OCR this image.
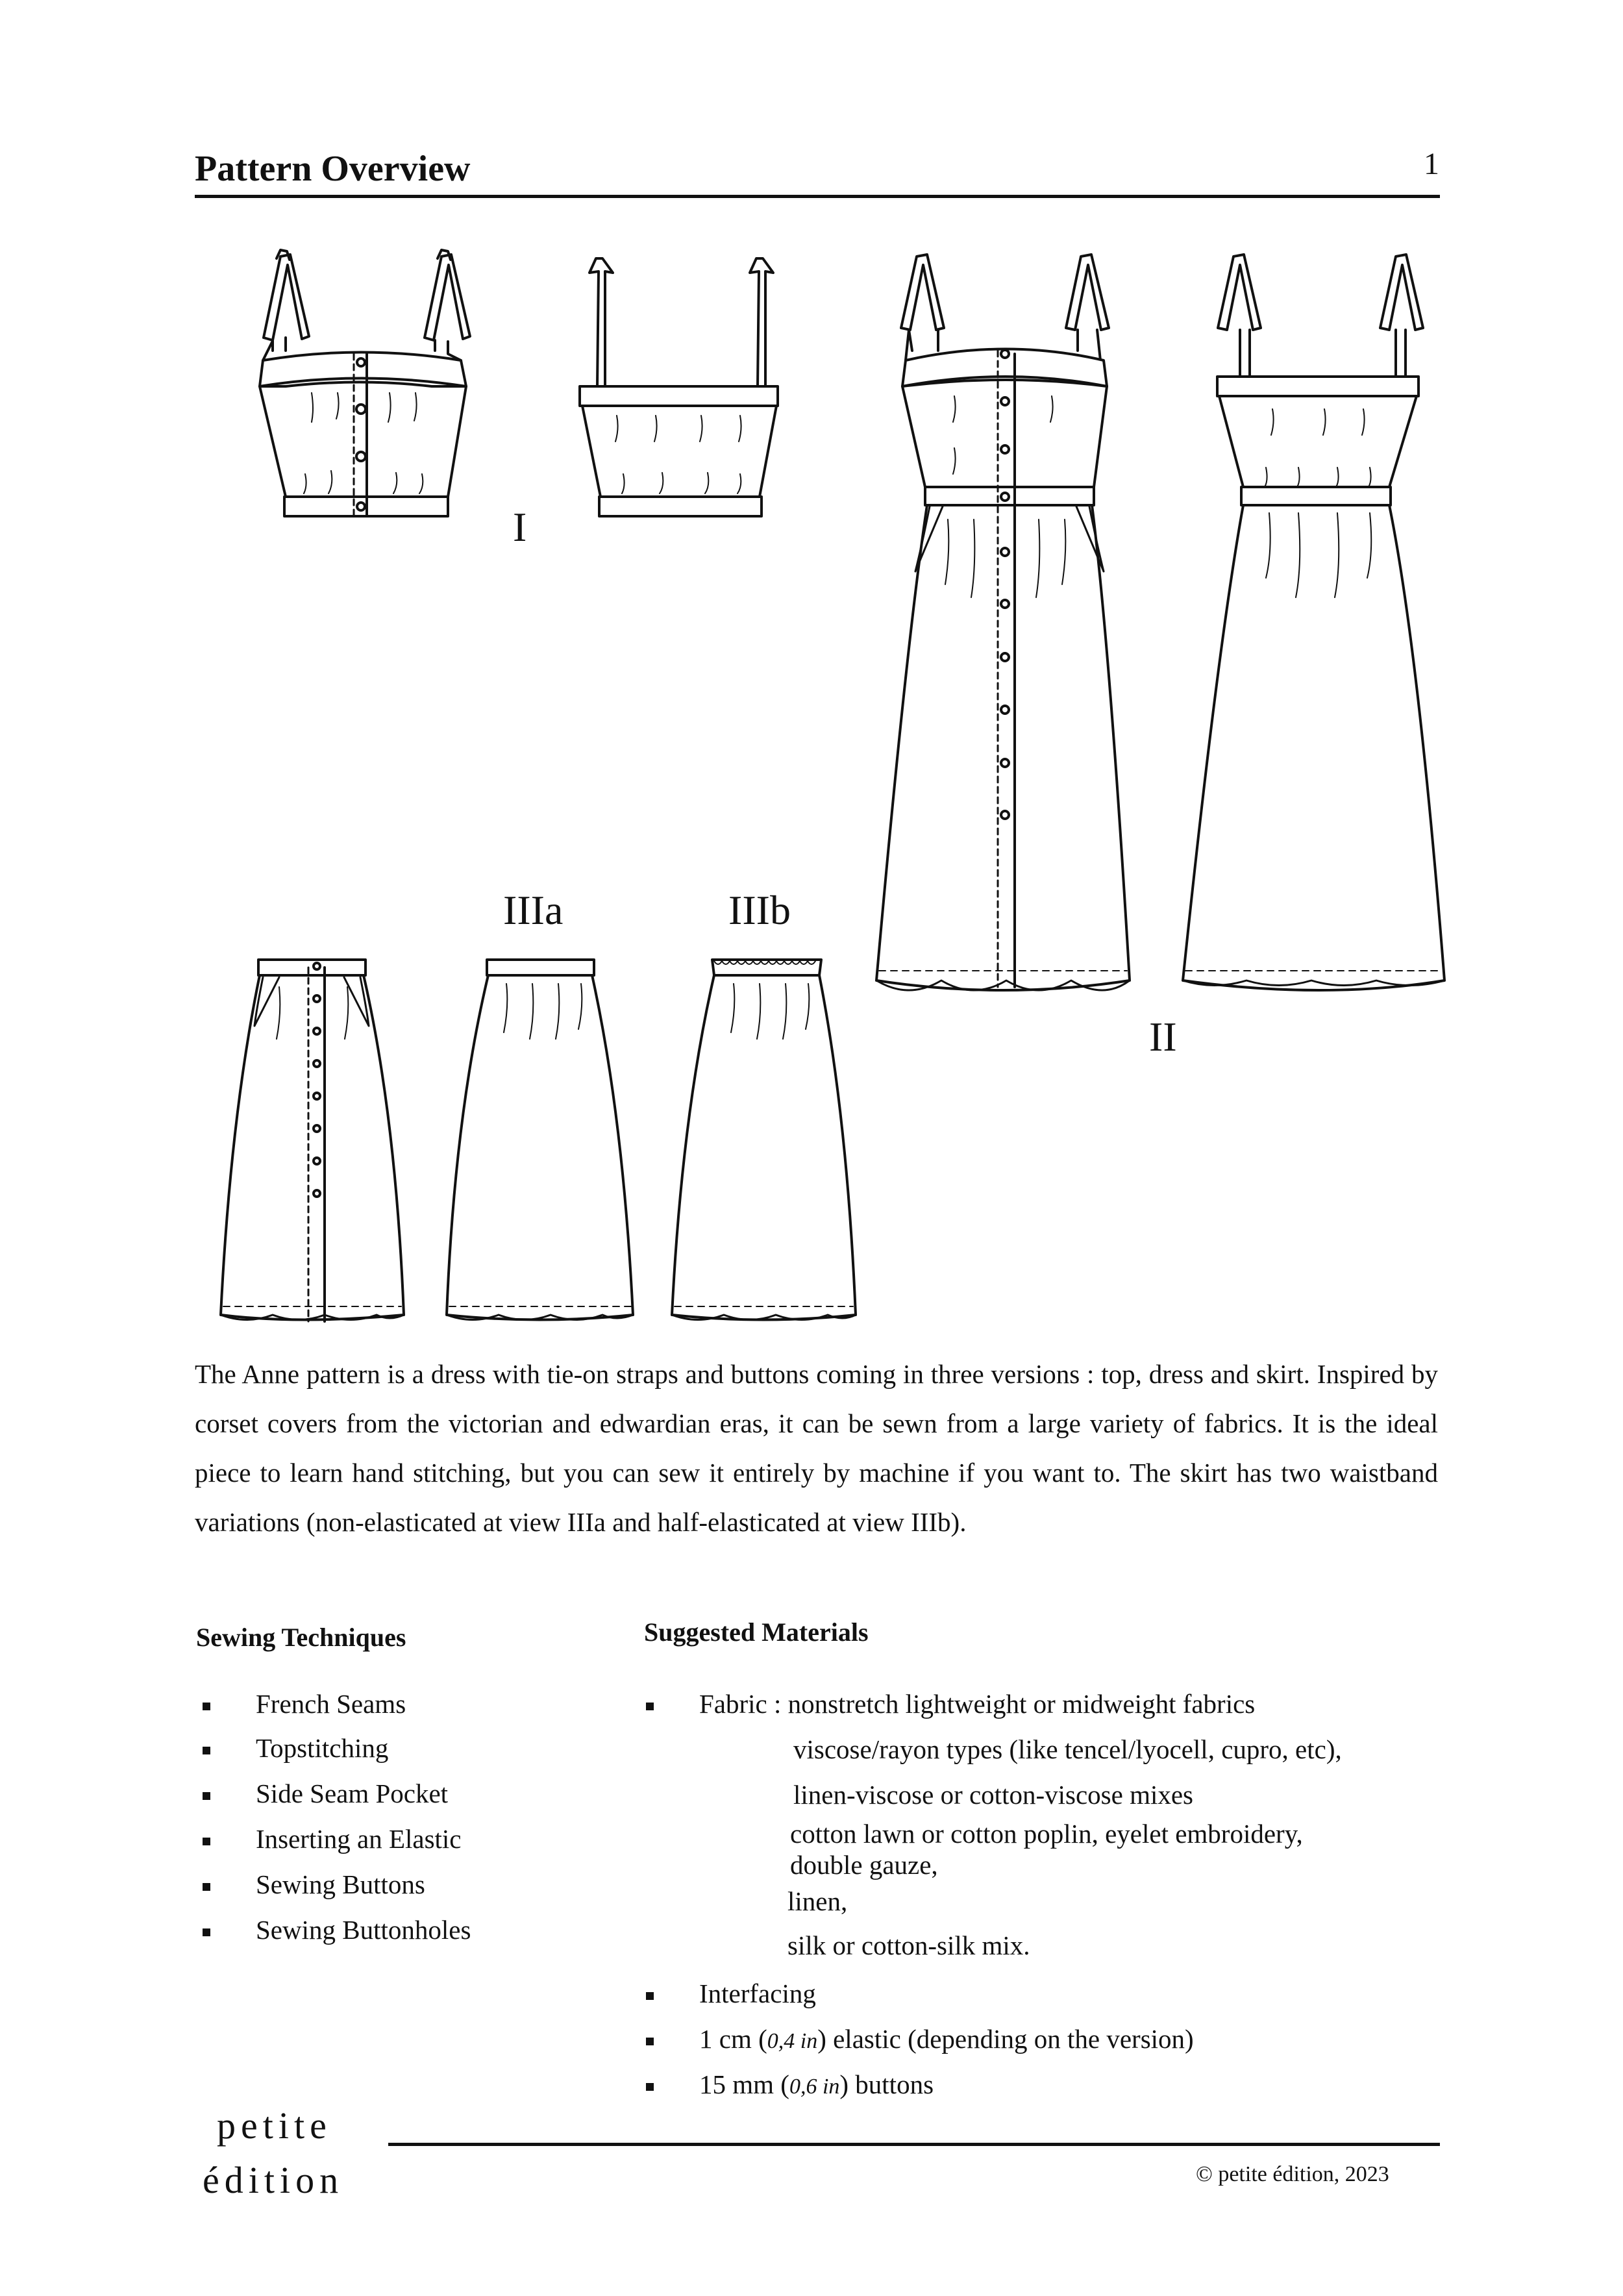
Pattern Overview	1
I
II
IIIa	IIIb

The Anne pattern is a dress with tie-on straps and buttons coming in three versions : top, dress and skirt. Inspired by corset covers from the victorian and edwardian eras, it can be sewn from a large variety of fabrics. It is the ideal piece to learn hand stitching, but you can sew it entirely by machine if you want to. The skirt has two waistband variations (non-elasticated at view IIIa and half-elasticated at view IIIb).

Sewing Techniques
French Seams
Topstitching
Side Seam Pocket
Inserting an Elastic
Sewing Buttons
Sewing Buttonholes
Suggested Materials
Fabric : nonstretch lightweight or midweight fabrics
viscose/rayon types (like tencel/lyocell, cupro, etc),
linen-viscose or cotton-viscose mixes
cotton lawn or cotton poplin, eyelet embroidery,
double gauze,
linen,
silk or cotton-silk mix.
Interfacing
1 cm (0,4 in) elastic (depending on the version)
15 mm (0,6 in) buttons
petite
édition	© petite édition, 2023
